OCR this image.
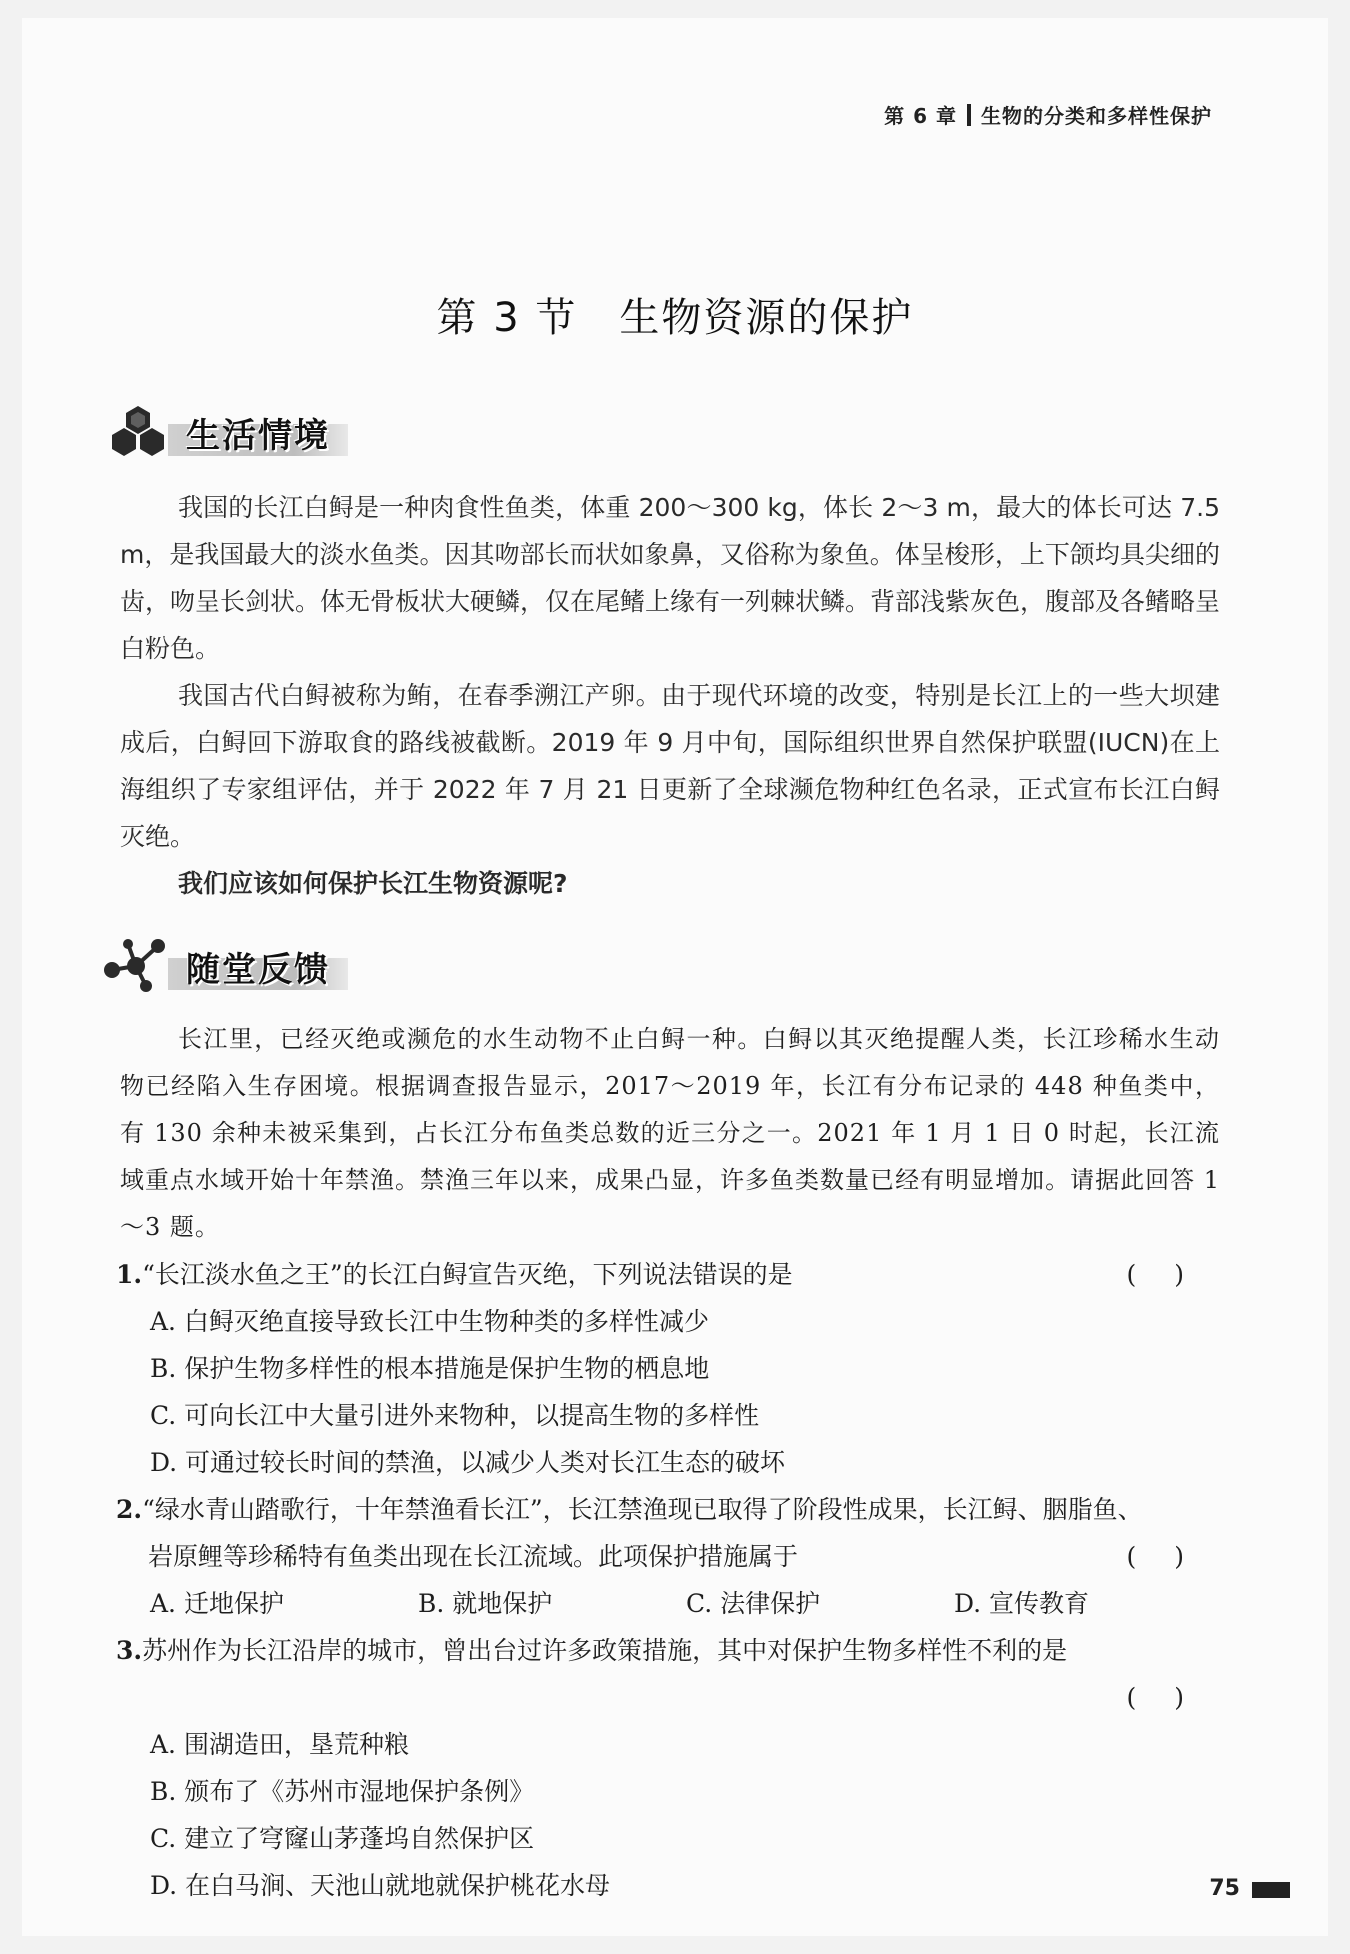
第 6 章 生物的分类和多样性保护
第 3 节　生物资源的保护
生活情境

我国的长江白鲟是一种肉食性鱼类，体重 200～300 kg，体长 2～3 m，最大的体长可达 7.5 m，是我国最大的淡水鱼类。因其吻部长而状如象鼻，又俗称为象鱼。体呈梭形，上下颌均具尖细的齿，吻呈长剑状。体无骨板状大硬鳞，仅在尾鳍上缘有一列棘状鳞。背部浅紫灰色，腹部及各鳍略呈白粉色。

我国古代白鲟被称为鲔，在春季溯江产卵。由于现代环境的改变，特别是长江上的一些大坝建成后，白鲟回下游取食的路线被截断。2019 年 9 月中旬，国际组织世界自然保护联盟(IUCN)在上海组织了专家组评估，并于 2022 年 7 月 21 日更新了全球濒危物种红色名录，正式宣布长江白鲟灭绝。

我们应该如何保护长江生物资源呢?

随堂反馈

长江里，已经灭绝或濒危的水生动物不止白鲟一种。白鲟以其灭绝提醒人类，长江珍稀水生动物已经陷入生存困境。根据调查报告显示，2017～2019 年，长江有分布记录的 448 种鱼类中，有 130 余种未被采集到，占长江分布鱼类总数的近三分之一。2021 年 1 月 1 日 0 时起，长江流域重点水域开始十年禁渔。禁渔三年以来，成果凸显，许多鱼类数量已经有明显增加。请据此回答 1～3 题。

1.“长江淡水鱼之王”的长江白鲟宣告灭绝，下列说法错误的是	()
A. 白鲟灭绝直接导致长江中生物种类的多样性减少
B. 保护生物多样性的根本措施是保护生物的栖息地
C. 可向长江中大量引进外来物种，以提高生物的多样性
D. 可通过较长时间的禁渔，以减少人类对长江生态的破坏
2.“绿水青山踏歌行，十年禁渔看长江”，长江禁渔现已取得了阶段性成果，长江鲟、胭脂鱼、
岩原鲤等珍稀特有鱼类出现在长江流域。此项保护措施属于	()
A. 迁地保护	B. 就地保护	C. 法律保护	D. 宣传教育
3.苏州作为长江沿岸的城市，曾出台过许多政策措施，其中对保护生物多样性不利的是
()
A. 围湖造田，垦荒种粮
B. 颁布了《苏州市湿地保护条例》
C. 建立了穹窿山茅蓬坞自然保护区
D. 在白马涧、天池山就地就保护桃花水母	75
